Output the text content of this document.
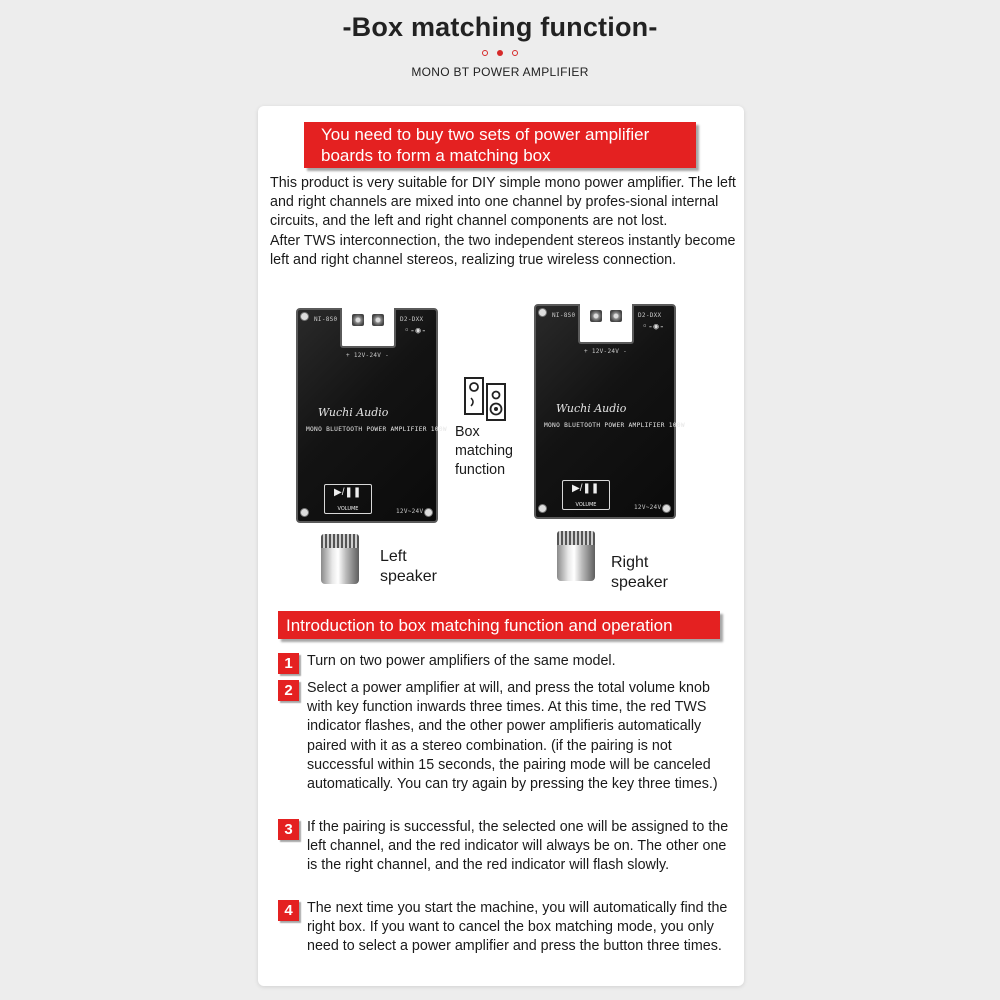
-Box matching function-
MONO BT POWER AMPLIFIER
You need to buy two sets of power amplifier boards to form a matching box

This product is very suitable for DIY simple mono power amplifier. The left and right channels are mixed into one channel by profes-sional internal circuits, and the left and right channel components are not lost.

After TWS interconnection, the two independent stereos instantly become left and right channel stereos, realizing true wireless connection.

NI-8S0	D2-DXX
+ 12V-24V -
◦-◉-
Wuchi Audio
MONO BLUETOOTH POWER AMPLIFIER 100W
▶/❚❚
VOLUME	12V~24V
Left speaker
Box matching function
NI-8S0	D2-DXX
+ 12V-24V -
◦-◉-
Wuchi Audio
MONO BLUETOOTH POWER AMPLIFIER 100W
▶/❚❚
VOLUME	12V~24V
Right speaker
Introduction to box matching function and operation
1	Turn on two power amplifiers of the same model.
2	Select a power amplifier at will, and press the total volume knob with key function inwards three times. At this time, the red TWS indicator flashes, and the other power amplifieris automatically paired with it as a stereo combination. (if the pairing is not successful within 15 seconds, the pairing mode will be canceled automatically. You can try again by pressing the key three times.)
3	If the pairing is successful, the selected one will be assigned to the left channel, and the red indicator will always be on. The other one is the right channel, and the red indicator will flash slowly.
4	The next time you start the machine, you will automatically find the right box. If you want to cancel the box matching mode, you only need to select a power amplifier and press the button three times.
